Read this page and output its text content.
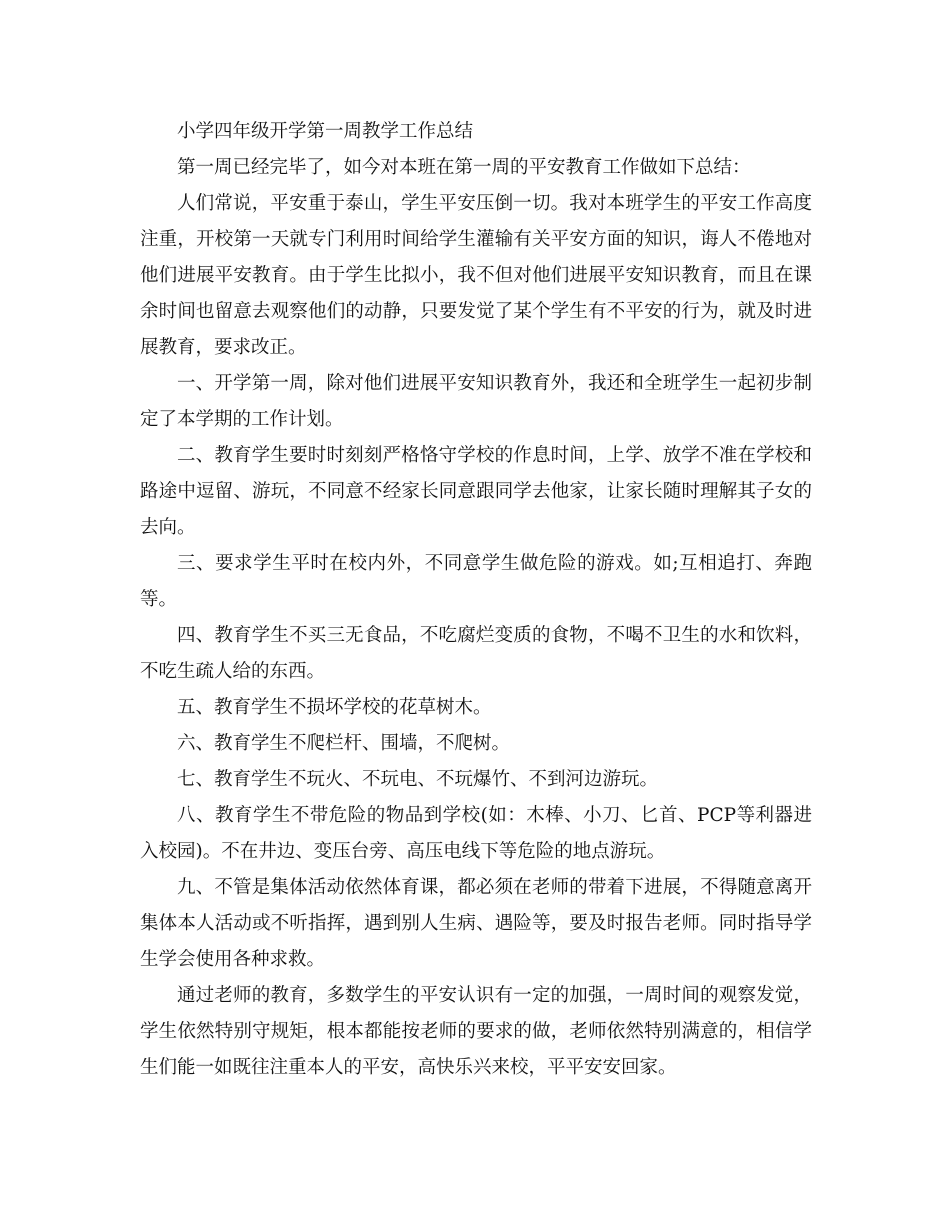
小学四年级开学第一周教学工作总结

第一周已经完毕了，如今对本班在第一周的平安教育工作做如下总结：

人们常说，平安重于泰山，学生平安压倒一切。我对本班学生的平安工作高度注重，开校第一天就专门利用时间给学生灌输有关平安方面的知识，诲人不倦地对他们进展平安教育。由于学生比拟小，我不但对他们进展平安知识教育，而且在课余时间也留意去观察他们的动静，只要发觉了某个学生有不平安的行为，就及时进展教育，要求改正。

一、开学第一周，除对他们进展平安知识教育外，我还和全班学生一起初步制定了本学期的工作计划。

二、教育学生要时时刻刻严格恪守学校的作息时间，上学、放学不准在学校和路途中逗留、游玩，不同意不经家长同意跟同学去他家，让家长随时理解其子女的去向。

三、要求学生平时在校内外，不同意学生做危险的游戏。如;互相追打、奔跑等。

四、教育学生不买三无食品，不吃腐烂变质的食物，不喝不卫生的水和饮料，不吃生疏人给的东西。

五、教育学生不损坏学校的花草树木。

六、教育学生不爬栏杆、围墙，不爬树。

七、教育学生不玩火、不玩电、不玩爆竹、不到河边游玩。

八、教育学生不带危险的物品到学校(如：木棒、小刀、匕首、PCP等利器进入校园)。不在井边、变压台旁、高压电线下等危险的地点游玩。

九、不管是集体活动依然体育课，都必须在老师的带着下进展，不得随意离开集体本人活动或不听指挥，遇到别人生病、遇险等，要及时报告老师。同时指导学生学会使用各种求救。

通过老师的教育，多数学生的平安认识有一定的加强，一周时间的观察发觉，学生依然特别守规矩，根本都能按老师的要求的做，老师依然特别满意的，相信学生们能一如既往注重本人的平安，高快乐兴来校，平平安安回家。
